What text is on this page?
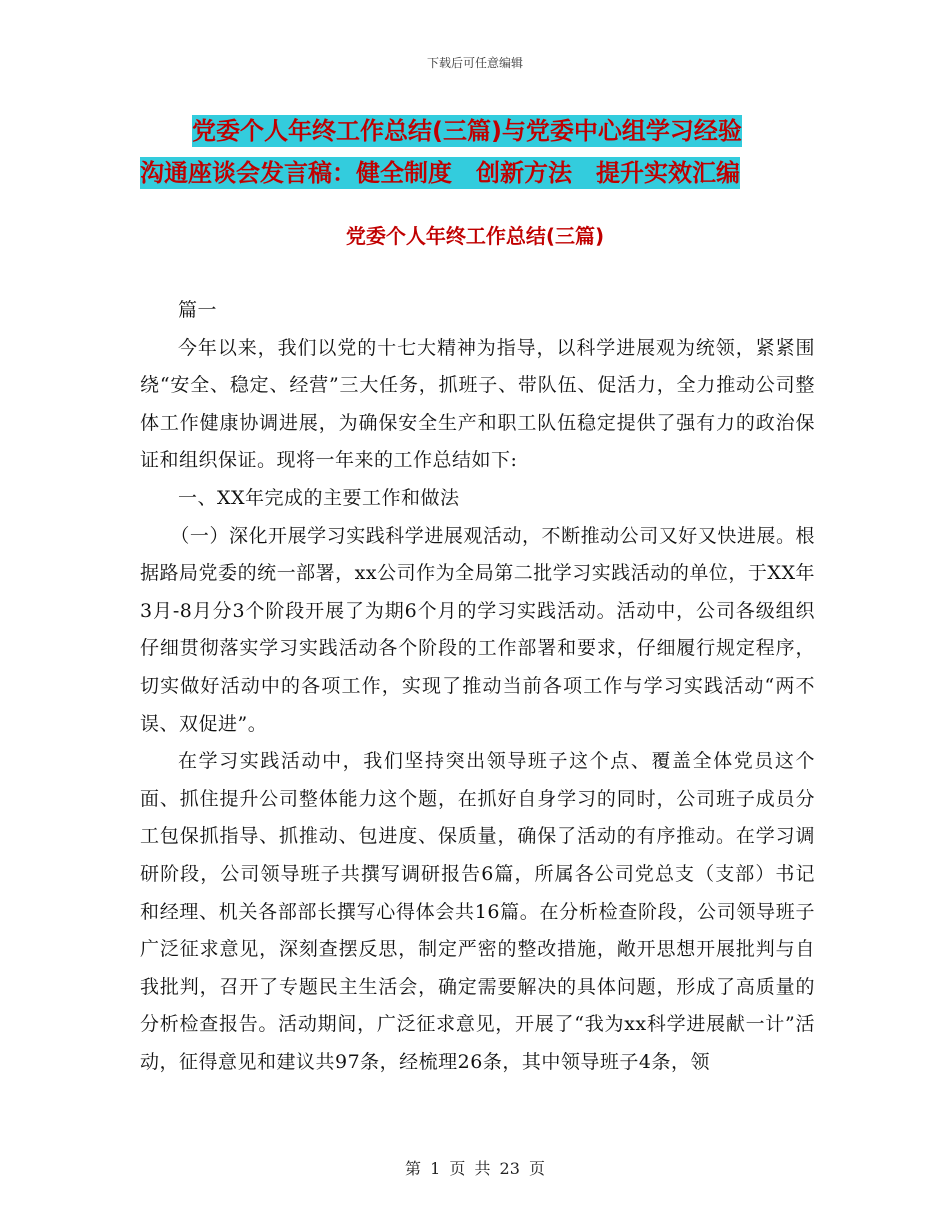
下载后可任意编辑
党委个人年终工作总结(三篇)与党委中心组学习经验
沟通座谈会发言稿：健全制度　创新方法　提升实效汇编
党委个人年终工作总结(三篇)

篇一

今年以来，我们以党的十七大精神为指导，以科学进展观为统领，紧紧围绕“安全、稳定、经营”三大任务，抓班子、带队伍、促活力，全力推动公司整体工作健康协调进展，为确保安全生产和职工队伍稳定提供了强有力的政治保证和组织保证。现将一年来的工作总结如下:

一、XX年完成的主要工作和做法

（一）深化开展学习实践科学进展观活动，不断推动公司又好又快进展。根据路局党委的统一部署，xx公司作为全局第二批学习实践活动的单位，于XX年3月-8月分3个阶段开展了为期6个月的学习实践活动。活动中，公司各级组织仔细贯彻落实学习实践活动各个阶段的工作部署和要求，仔细履行规定程序，切实做好活动中的各项工作，实现了推动当前各项工作与学习实践活动“两不误、双促进”。

在学习实践活动中，我们坚持突出领导班子这个点、覆盖全体党员这个面、抓住提升公司整体能力这个题，在抓好自身学习的同时，公司班子成员分工包保抓指导、抓推动、包进度、保质量，确保了活动的有序推动。在学习调研阶段，公司领导班子共撰写调研报告6篇，所属各公司党总支（支部）书记和经理、机关各部部长撰写心得体会共16篇。在分析检查阶段，公司领导班子广泛征求意见，深刻查摆反思，制定严密的整改措施，敞开思想开展批判与自我批判，召开了专题民主生活会，确定需要解决的具体问题，形成了高质量的分析检查报告。活动期间，广泛征求意见，开展了“我为xx科学进展献一计”活动，征得意见和建议共97条，经梳理26条，其中领导班子4条，领

第 1 页 共 23 页
